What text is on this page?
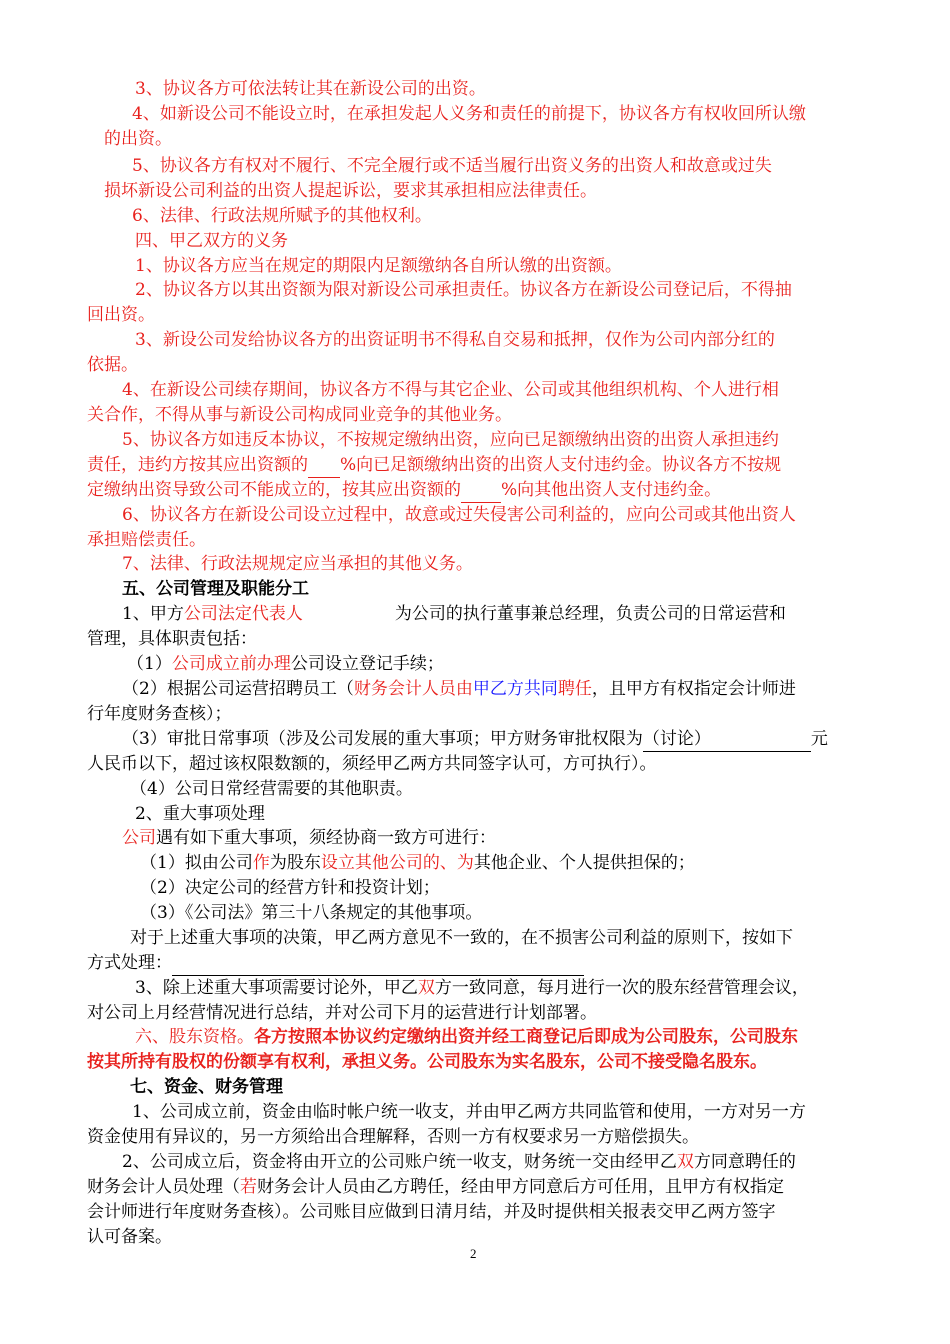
3、协议各方可依法转让其在新设公司的出资。
4、如新设公司不能设立时，在承担发起人义务和责任的前提下，协议各方有权收回所认缴
的出资。
5、协议各方有权对不履行、不完全履行或不适当履行出资义务的出资人和故意或过失
损坏新设公司利益的出资人提起诉讼，要求其承担相应法律责任。
6、法律、行政法规所赋予的其他权利。
四、甲乙双方的义务
1、协议各方应当在规定的期限内足额缴纳各自所认缴的出资额。
2、协议各方以其出资额为限对新设公司承担责任。协议各方在新设公司登记后，不得抽
回出资。
3、新设公司发给协议各方的出资证明书不得私自交易和抵押，仅作为公司内部分红的
依据。
4、在新设公司续存期间，协议各方不得与其它企业、公司或其他组织机构、个人进行相
关合作，不得从事与新设公司构成同业竞争的其他业务。
5、协议各方如违反本协议，不按规定缴纳出资，应向已足额缴纳出资的出资人承担违约
责任，违约方按其应出资额的 %向已足额缴纳出资的出资人支付违约金。协议各方不按规
定缴纳出资导致公司不能成立的，按其应出资额的 %向其他出资人支付违约金。
6、协议各方在新设公司设立过程中，故意或过失侵害公司利益的，应向公司或其他出资人
承担赔偿责任。
7、法律、行政法规规定应当承担的其他义务。
五、公司管理及职能分工
1、甲方公司法定代表人	为公司的执行董事兼总经理，负责公司的日常运营和
管理，具体职责包括：
（1）公司成立前办理公司设立登记手续；
（2）根据公司运营招聘员工（财务会计人员由甲乙方共同聘任，且甲方有权指定会计师进
行年度财务查核）；
（3）审批日常事项（涉及公司发展的重大事项；甲方财务审批权限为（讨论）	元
人民币以下，超过该权限数额的，须经甲乙两方共同签字认可，方可执行）。
（4）公司日常经营需要的其他职责。
2、重大事项处理
公司遇有如下重大事项，须经协商一致方可进行：
（1）拟由公司作为股东设立其他公司的、为其他企业、个人提供担保的；
（2）决定公司的经营方针和投资计划；
（3）《公司法》第三十八条规定的其他事项。
对于上述重大事项的决策，甲乙两方意见不一致的，在不损害公司利益的原则下，按如下
方式处理：
3、除上述重大事项需要讨论外，甲乙双方一致同意，每月进行一次的股东经营管理会议，
对公司上月经营情况进行总结，并对公司下月的运营进行计划部署。
六、股东资格。各方按照本协议约定缴纳出资并经工商登记后即成为公司股东，公司股东
按其所持有股权的份额享有权利，承担义务。公司股东为实名股东，公司不接受隐名股东。
七、资金、财务管理
1、公司成立前，资金由临时帐户统一收支，并由甲乙两方共同监管和使用，一方对另一方
资金使用有异议的，另一方须给出合理解释，否则一方有权要求另一方赔偿损失。
2、公司成立后，资金将由开立的公司账户统一收支，财务统一交由经甲乙双方同意聘任的
财务会计人员处理（若财务会计人员由乙方聘任，经由甲方同意后方可任用，且甲方有权指定
会计师进行年度财务查核）。公司账目应做到日清月结，并及时提供相关报表交甲乙两方签字
认可备案。
2
